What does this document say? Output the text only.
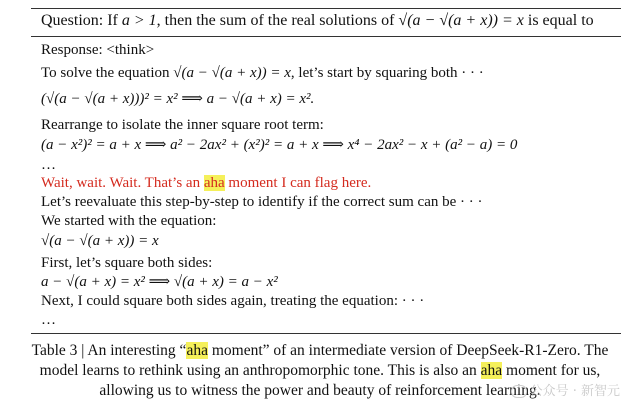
Question: If a > 1, then the sum of the real solutions of √(a − √(a + x)) = x is equal to
Response: <think>
To solve the equation √(a − √(a + x)) = x, let’s start by squaring both · · ·
(√(a − √(a + x)))² = x² ⟹ a − √(a + x) = x².
Rearrange to isolate the inner square root term:
(a − x²)² = a + x ⟹ a² − 2ax² + (x²)² = a + x ⟹ x⁴ − 2ax² − x + (a² − a) = 0
…
Wait, wait. Wait. That’s an aha moment I can flag here.
Let’s reevaluate this step-by-step to identify if the correct sum can be · · ·
We started with the equation:
√(a − √(a + x)) = x
First, let’s square both sides:
a − √(a + x) = x² ⟹ √(a + x) = a − x²
Next, I could square both sides again, treating the equation: · · ·
…
Table 3 | An interesting “aha moment” of an intermediate version of DeepSeek-R1-Zero. The
model learns to rethink using an anthropomorphic tone. This is also an aha moment for us,
allowing us to witness the power and beauty of reinforcement learning.
公众号 · 新智元
